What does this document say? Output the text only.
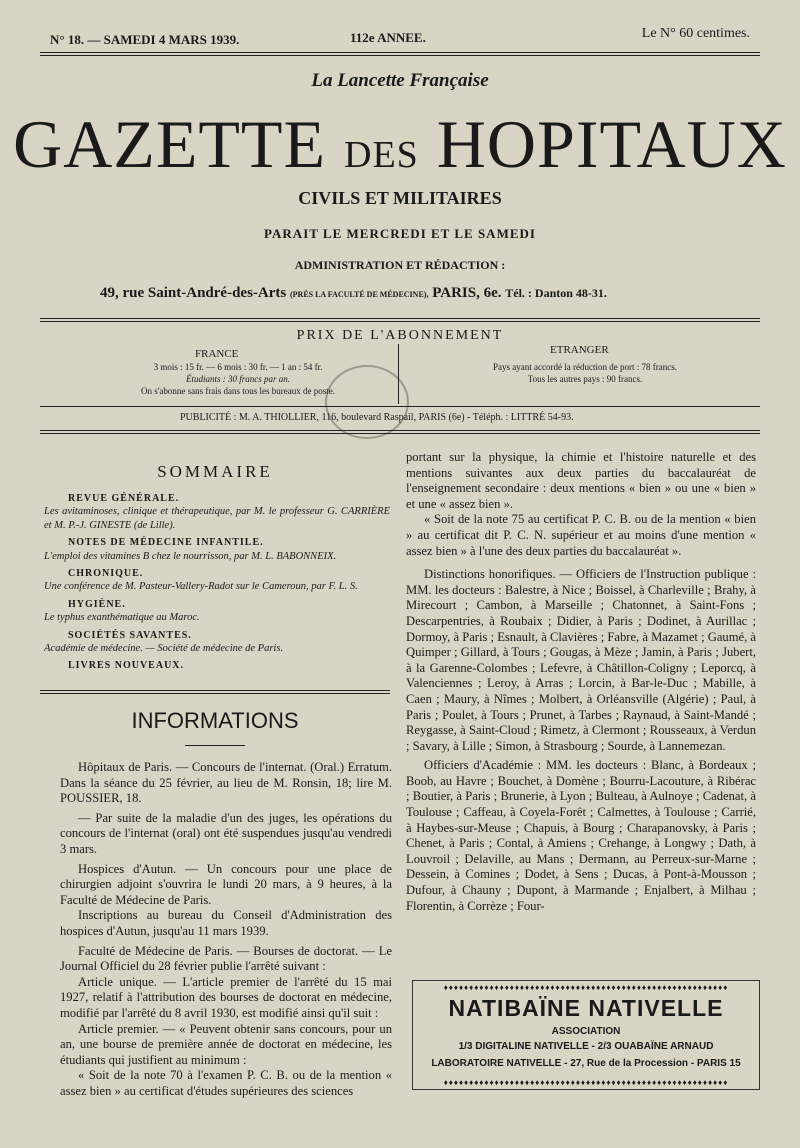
N° 18. — SAMEDI 4 MARS 1939.	112e ANNEE.	Le N° 60 centimes.
La Lancette Française
GAZETTE DES HOPITAUX
CIVILS ET MILITAIRES
PARAIT LE MERCREDI ET LE SAMEDI
ADMINISTRATION ET RÉDACTION :
49, rue Saint-André-des-Arts (PRÈS LA FACULTÉ DE MÉDECINE), PARIS, 6e. Tél. : Danton 48-31.
PRIX DE L'ABONNEMENT
FRANCE
3 mois : 15 fr. — 6 mois : 30 fr. — 1 an : 54 fr.
Étudiants : 30 francs par an.
On s'abonne sans frais dans tous les bureaux de poste.
ETRANGER
Pays ayant accordé la réduction de port : 78 francs.
Tous les autres pays : 90 francs.
PUBLICITÉ : M. A. THIOLLIER, 116, boulevard Raspail, PARIS (6e) - Téléph. : LITTRÉ 54-93.
SOMMAIRE
REVUE GÉNÉRALE.
Les avitaminoses, clinique et thérapeutique, par M. le professeur G. CARRIÈRE et M. P.-J. GINESTE (de Lille).
NOTES DE MÉDECINE INFANTILE.
L'emploi des vitamines B chez le nourrisson, par M. L. BABONNEIX.
CHRONIQUE.
Une conférence de M. Pasteur-Vallery-Radot sur le Cameroun, par F. L. S.
HYGIÈNE.
Le typhus exanthématique au Maroc.
SOCIÉTÉS SAVANTES.
Académie de médecine. — Société de médecine de Paris.
LIVRES NOUVEAUX.
INFORMATIONS

Hôpitaux de Paris. — Concours de l'internat. (Oral.) Erratum. Dans la séance du 25 février, au lieu de M. Ronsin, 18; lire M. POUSSIER, 18.

— Par suite de la maladie d'un des juges, les opérations du concours de l'internat (oral) ont été suspendues jusqu'au vendredi 3 mars.

Hospices d'Autun. — Un concours pour une place de chirurgien adjoint s'ouvrira le lundi 20 mars, à 9 heures, à la Faculté de Médecine de Paris.

Inscriptions au bureau du Conseil d'Administration des hospices d'Autun, jusqu'au 11 mars 1939.

Faculté de Médecine de Paris. — Bourses de doctorat. — Le Journal Officiel du 28 février publie l'arrêté suivant :

Article unique. — L'article premier de l'arrêté du 15 mai 1927, relatif à l'attribution des bourses de doctorat en médecine, modifié par l'arrêté du 8 avril 1930, est modifié ainsi qu'il suit :

Article premier. — « Peuvent obtenir sans concours, pour un an, une bourse de première année de doctorat en médecine, les étudiants qui justifient au minimum :

« Soit de la note 70 à l'examen P. C. B. ou de la mention « assez bien » au certificat d'études supérieures des sciences

portant sur la physique, la chimie et l'histoire naturelle et des mentions suivantes aux deux parties du baccalauréat de l'enseignement secondaire : deux mentions « bien » ou une « bien » et une « assez bien ».

« Soit de la note 75 au certificat P. C. B. ou de la mention « bien » au certificat dit P. C. N. supérieur et au moins d'une mention « assez bien » à l'une des deux parties du baccalauréat ».

Distinctions honorifiques. — Officiers de l'Instruction publique : MM. les docteurs : Balestre, à Nice ; Boissel, à Charleville ; Brahy, à Mirecourt ; Cambon, à Marseille ; Chatonnet, à Saint-Fons ; Descarpentries, à Roubaix ; Didier, à Paris ; Dodinet, à Aurillac ; Dormoy, à Paris ; Esnault, à Clavières ; Fabre, à Mazamet ; Gaumé, à Quimper ; Gillard, à Tours ; Gougas, à Mèze ; Jamin, à Paris ; Jubert, à la Garenne-Colombes ; Lefevre, à Châtillon-Coligny ; Leporcq, à Valenciennes ; Leroy, à Arras ; Lorcin, à Bar-le-Duc ; Mabille, à Caen ; Maury, à Nîmes ; Molbert, à Orléansville (Algérie) ; Paul, à Paris ; Poulet, à Tours ; Prunet, à Tarbes ; Raynaud, à Saint-Mandé ; Reygasse, à Saint-Cloud ; Rimetz, à Clermont ; Rousseaux, à Verdun ; Savary, à Lille ; Simon, à Strasbourg ; Sourde, à Lannemezan.

Officiers d'Académie : MM. les docteurs : Blanc, à Bordeaux ; Boob, au Havre ; Bouchet, à Domène ; Bourru-Lacouture, à Ribérac ; Boutier, à Paris ; Brunerie, à Lyon ; Bulteau, à Aulnoye ; Cadenat, à Toulouse ; Caffeau, à Coyela-Forêt ; Calmettes, à Toulouse ; Carrié, à Haybes-sur-Meuse ; Chapuis, à Bourg ; Charapanovsky, à Paris ; Chenet, à Paris ; Contal, à Amiens ; Crehange, à Longwy ; Dath, à Louvroil ; Delaville, au Mans ; Dermann, au Perreux-sur-Marne ; Dessein, à Comines ; Dodet, à Sens ; Ducas, à Pont-à-Mousson ; Dufour, à Chauny ; Dupont, à Marmande ; Enjalbert, à Milhau ; Florentin, à Corrèze ; Four-

♦♦♦♦♦♦♦♦♦♦♦♦♦♦♦♦♦♦♦♦♦♦♦♦♦♦♦♦♦♦♦♦♦♦♦♦♦♦♦♦♦♦♦♦♦♦♦♦♦♦♦♦♦♦♦♦
NATIBAÏNE NATIVELLE
ASSOCIATION
1/3 DIGITALINE NATIVELLE - 2/3 OUABAÏNE ARNAUD
LABORATOIRE NATIVELLE - 27, Rue de la Procession - PARIS 15
♦♦♦♦♦♦♦♦♦♦♦♦♦♦♦♦♦♦♦♦♦♦♦♦♦♦♦♦♦♦♦♦♦♦♦♦♦♦♦♦♦♦♦♦♦♦♦♦♦♦♦♦♦♦♦♦
